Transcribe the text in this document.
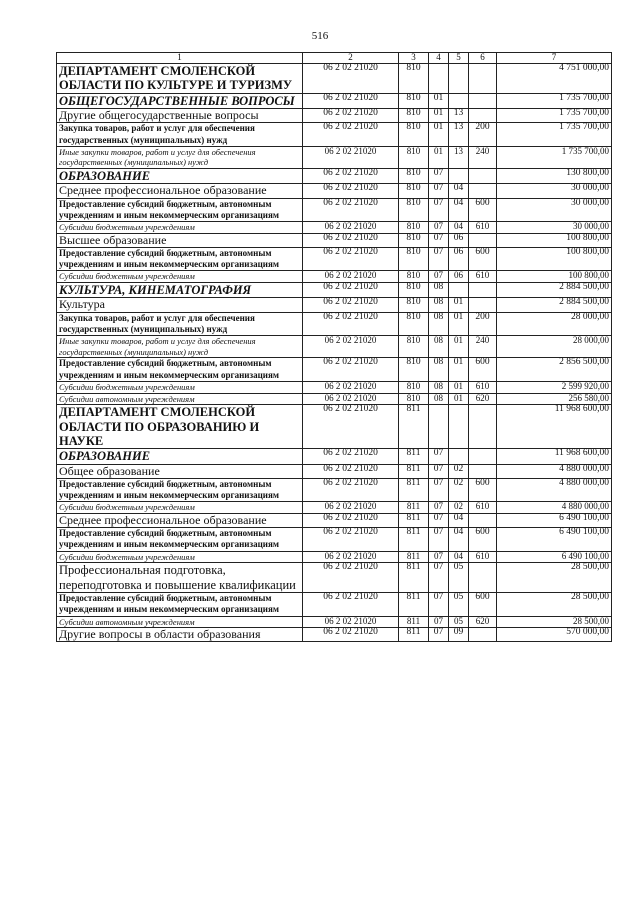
516
1	2	3	4	5	6	7
ДЕПАРТАМЕНТ СМОЛЕНСКОЙ ОБЛАСТИ ПО КУЛЬТУРЕ И ТУРИЗМУ	06 2 02 21020	810				4 751 000,00
ОБЩЕГОСУДАРСТВЕННЫЕ ВОПРОСЫ	06 2 02 21020	810	01			1 735 700,00
Другие общегосударственные вопросы	06 2 02 21020	810	01	13		1 735 700,00
Закупка товаров, работ и услуг для обеспечения государственных (муниципальных) нужд	06 2 02 21020	810	01	13	200	1 735 700,00
Иные закупки товаров, работ и услуг для обеспечения государственных (муниципальных) нужд	06 2 02 21020	810	01	13	240	1 735 700,00
ОБРАЗОВАНИЕ	06 2 02 21020	810	07			130 800,00
Среднее профессиональное образование	06 2 02 21020	810	07	04		30 000,00
Предоставление субсидий бюджетным, автономным учреждениям и иным некоммерческим организациям	06 2 02 21020	810	07	04	600	30 000,00
Субсидии бюджетным учреждениям	06 2 02 21020	810	07	04	610	30 000,00
Высшее образование	06 2 02 21020	810	07	06		100 800,00
Предоставление субсидий бюджетным, автономным учреждениям и иным некоммерческим организациям	06 2 02 21020	810	07	06	600	100 800,00
Субсидии бюджетным учреждениям	06 2 02 21020	810	07	06	610	100 800,00
КУЛЬТУРА, КИНЕМАТОГРАФИЯ	06 2 02 21020	810	08			2 884 500,00
Культура	06 2 02 21020	810	08	01		2 884 500,00
Закупка товаров, работ и услуг для обеспечения государственных (муниципальных) нужд	06 2 02 21020	810	08	01	200	28 000,00
Иные закупки товаров, работ и услуг для обеспечения государственных (муниципальных) нужд	06 2 02 21020	810	08	01	240	28 000,00
Предоставление субсидий бюджетным, автономным учреждениям и иным некоммерческим организациям	06 2 02 21020	810	08	01	600	2 856 500,00
Субсидии бюджетным учреждениям	06 2 02 21020	810	08	01	610	2 599 920,00
Субсидии автономным учреждениям	06 2 02 21020	810	08	01	620	256 580,00
ДЕПАРТАМЕНТ СМОЛЕНСКОЙ ОБЛАСТИ ПО ОБРАЗОВАНИЮ И НАУКЕ	06 2 02 21020	811				11 968 600,00
ОБРАЗОВАНИЕ	06 2 02 21020	811	07			11 968 600,00
Общее образование	06 2 02 21020	811	07	02		4 880 000,00
Предоставление субсидий бюджетным, автономным учреждениям и иным некоммерческим организациям	06 2 02 21020	811	07	02	600	4 880 000,00
Субсидии бюджетным учреждениям	06 2 02 21020	811	07	02	610	4 880 000,00
Среднее профессиональное образование	06 2 02 21020	811	07	04		6 490 100,00
Предоставление субсидий бюджетным, автономным учреждениям и иным некоммерческим организациям	06 2 02 21020	811	07	04	600	6 490 100,00
Субсидии бюджетным учреждениям	06 2 02 21020	811	07	04	610	6 490 100,00
Профессиональная подготовка, переподготовка и повышение квалификации	06 2 02 21020	811	07	05		28 500,00
Предоставление субсидий бюджетным, автономным учреждениям и иным некоммерческим организациям	06 2 02 21020	811	07	05	600	28 500,00
Субсидии автономным учреждениям	06 2 02 21020	811	07	05	620	28 500,00
Другие вопросы в области образования	06 2 02 21020	811	07	09		570 000,00
